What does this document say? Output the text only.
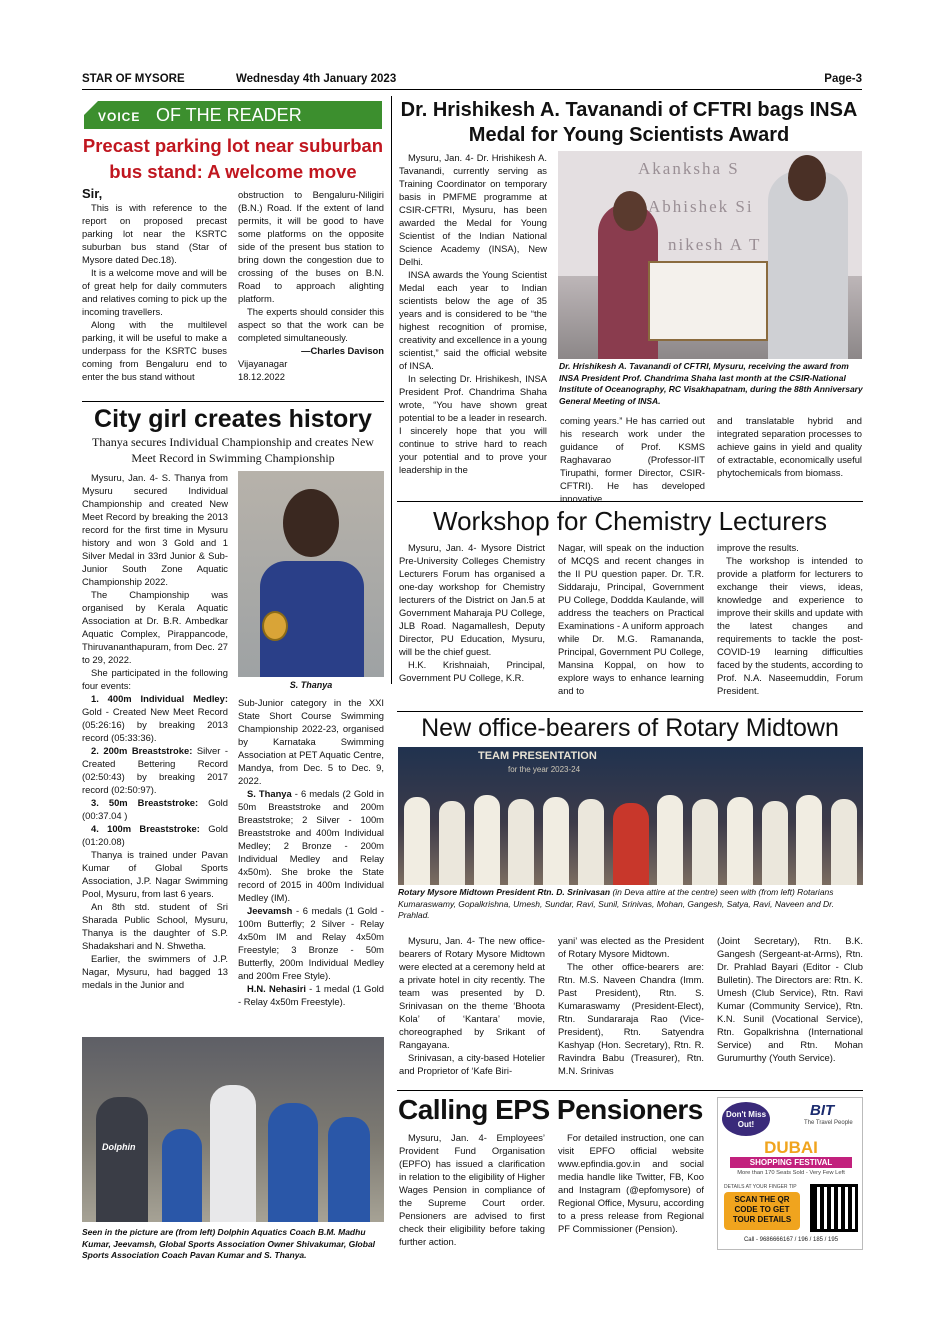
STAR OF MYSORE	Wednesday 4th January 2023	Page-3
VOICE OF THE READER
Precast parking lot near suburban bus stand: A welcome move

Sir,

This is with reference to the report on proposed precast parking lot near the KSRTC suburban bus stand (Star of Mysore dated Dec.18).

It is a welcome move and will be of great help for daily commuters and relatives coming to pick up the incoming travellers.

Along with the multilevel parking, it will be useful to make a underpass for the KSRTC buses coming from Bengaluru end to enter the bus stand without

obstruction to Bengaluru-Niligiri (B.N.) Road. If the extent of land permits, it will be good to have some platforms on the opposite side of the present bus station to bring down the congestion due to crossing of the buses on B.N. Road to approach alighting platform.

The experts should consider this aspect so that the work can be completed simultaneously.

—Charles Davison

Vijayanagar

18.12.2022

Dr. Hrishikesh A. Tavanandi of CFTRI bags INSA Medal for Young Scientists Award

Mysuru, Jan. 4- Dr. Hrishikesh A. Tavanandi, currently serving as Training Coordinator on temporary basis in PMFME programme at CSIR-CFTRI, Mysuru, has been awarded the Medal for Young Scientist of the Indian National Science Academy (INSA), New Delhi.

INSA awards the Young Scientist Medal each year to Indian scientists below the age of 35 years and is considered to be “the highest recognition of promise, creativity and excellence in a young scientist,” said the official website of INSA.

In selecting Dr. Hrishikesh, INSA President Prof. Chandrima Shaha wrote, “You have shown great potential to be a leader in research. I sincerely hope that you will continue to strive hard to reach your potential and to prove your leadership in the

Akanksha S
Abhishek Si
nikesh A T
Dr. Hrishikesh A. Tavanandi of CFTRI, Mysuru, receiving the award from INSA President Prof. Chandrima Shaha last month at the CSIR-National Institute of Oceanography, RC Visakhapatnam, during the 88th Anniversary General Meeting of INSA.

coming years.” He has carried out his research work under the guidance of Prof. KSMS Raghavarao (Professor-IIT Tirupathi, former Director, CSIR-CFTRI). He has developed innovative

and translatable hybrid and integrated separation processes to achieve gains in yield and quality of extractable, economically useful phytochemicals from biomass.

City girl creates history
Thanya secures Individual Championship and creates New Meet Record in Swimming Championship

Mysuru, Jan. 4- S. Thanya from Mysuru secured Individual Championship and created New Meet Record by breaking the 2013 record for the first time in Mysuru history and won 3 Gold and 1 Silver Medal in 33rd Junior & Sub-Junior South Zone Aquatic Championship 2022.

The Championship was organised by Kerala Aquatic Association at Dr. B.R. Ambedkar Aquatic Complex, Pirappancode, Thiruvananthapuram, from Dec. 27 to 29, 2022.

She participated in the following four events:

1. 400m Individual Medley: Gold - Created New Meet Record (05:26:16) by breaking 2013 record (05:33:36).

2. 200m Breaststroke: Silver - Created Bettering Record (02:50:43) by breaking 2017 record (02:50:97).

3. 50m Breaststroke: Gold (00:37.04 )

4. 100m Breaststroke: Gold (01:20.08)

Thanya is trained under Pavan Kumar of Global Sports Association, J.P. Nagar Swimming Pool, Mysuru, from last 6 years.

An 8th std. student of Sri Sharada Public School, Mysuru, Thanya is the daughter of S.P. Shadakshari and N. Shwetha.

Earlier, the swimmers of J.P. Nagar, Mysuru, had bagged 13 medals in the Junior and

S. Thanya

Sub-Junior category in the XXI State Short Course Swimming Championship 2022-23, organised by Karnataka Swimming Association at PET Aquatic Centre, Mandya, from Dec. 5 to Dec. 9, 2022.

S. Thanya - 6 medals (2 Gold in 50m Breaststroke and 200m Breaststroke; 2 Silver - 100m Breaststroke and 400m Individual Medley; 2 Bronze - 200m Individual Medley and Relay 4x50m). She broke the State record of 2015 in 400m Individual Medley (IM).

Jeevamsh - 6 medals (1 Gold - 100m Butterfly; 2 Silver - Relay 4x50m IM and Relay 4x50m Freestyle; 3 Bronze - 50m Butterfly, 200m Individual Medley and 200m Free Style).

H.N. Nehasiri - 1 medal (1 Gold - Relay 4x50m Freestyle).

Dolphin
Seen in the picture are (from left) Dolphin Aquatics Coach B.M. Madhu Kumar, Jeevamsh, Global Sports Association Owner Shivakumar, Global Sports Association Coach Pavan Kumar and S. Thanya.
Workshop for Chemistry Lecturers

Mysuru, Jan. 4- Mysore District Pre-University Colleges Chemistry Lecturers Forum has organised a one-day workshop for Chemistry lecturers of the District on Jan.5 at Government Maharaja PU College, JLB Road. Nagamallesh, Deputy Director, PU Education, Mysuru, will be the chief guest.

H.K. Krishnaiah, Principal, Government PU College, K.R.

Nagar, will speak on the induction of MCQS and recent changes in the II PU question paper. Dr. T.R. Siddaraju, Principal, Government PU College, Doddda Kaulande, will address the teachers on Practical Examinations - A uniform approach while Dr. M.G. Ramananda, Principal, Government PU College, Mansina Koppal, on how to explore ways to enhance learning and to

improve the results.

The workshop is intended to provide a platform for lecturers to exchange their views, ideas, knowledge and experience to improve their skills and update with the latest changes and requirements to tackle the post-COVID-19 learning difficulties faced by the students, according to Prof. N.A. Naseemuddin, Forum President.

New office-bearers of Rotary Midtown
TEAM PRESENTATION
for the year 2023-24
Rotary Mysore Midtown President Rtn. D. Srinivasan (in Deva attire at the centre) seen with (from left) Rotarians Kumaraswamy, Gopalkrishna, Umesh, Sundar, Ravi, Sunil, Srinivas, Mohan, Gangesh, Satya, Ravi, Naveen and Dr. Prahlad.

Mysuru, Jan. 4- The new office-bearers of Rotary Mysore Midtown were elected at a ceremony held at a private hotel in city recently. The team was presented by D. Srinivasan on the theme ‘Bhoota Kola’ of ‘Kantara’ movie, choreographed by Srikant of Rangayana.

Srinivasan, a city-based Hotelier and Proprietor of ‘Kafe Biri-

yani’ was elected as the President of Rotary Mysore Midtown.

The other office-bearers are: Rtn. M.S. Naveen Chandra (Imm. Past President), Rtn. S. Kumaraswamy (President-Elect), Rtn. Sundararaja Rao (Vice-President), Rtn. Satyendra Kashyap (Hon. Secretary), Rtn. R. Ravindra Babu (Treasurer), Rtn. M.N. Srinivas

(Joint Secretary), Rtn. B.K. Gangesh (Sergeant-at-Arms), Rtn. Dr. Prahlad Bayari (Editor - Club Bulletin). The Directors are: Rtn. K. Umesh (Club Service), Rtn. Ravi Kumar (Community Service), Rtn. K.N. Sunil (Vocational Service), Rtn. Gopalkrishna (International Service) and Rtn. Mohan Gurumurthy (Youth Service).

Calling EPS Pensioners

Mysuru, Jan. 4- Employees’ Provident Fund Organisation (EPFO) has issued a clarification in relation to the eligibility of Higher Wages Pension in compliance of the Supreme Court order. Pensioners are advised to first check their eligibility before taking further action.

For detailed instruction, one can visit EPFO official website www.epfindia.gov.in and social media handle like Twitter, FB, Koo and Instagram (@epfomysore) of Regional Office, Mysuru, according to a press release from Regional PF Commissioner (Pension).

Don't Miss Out!
BIT
The Travel People
DUBAI
SHOPPING FESTIVAL
More than 170 Seats Sold - Very Few Left
DETAILS AT YOUR FINGER TIP
SCAN THE QR CODE TO GET TOUR DETAILS
Call - 9686666167 / 196 / 185 / 195
